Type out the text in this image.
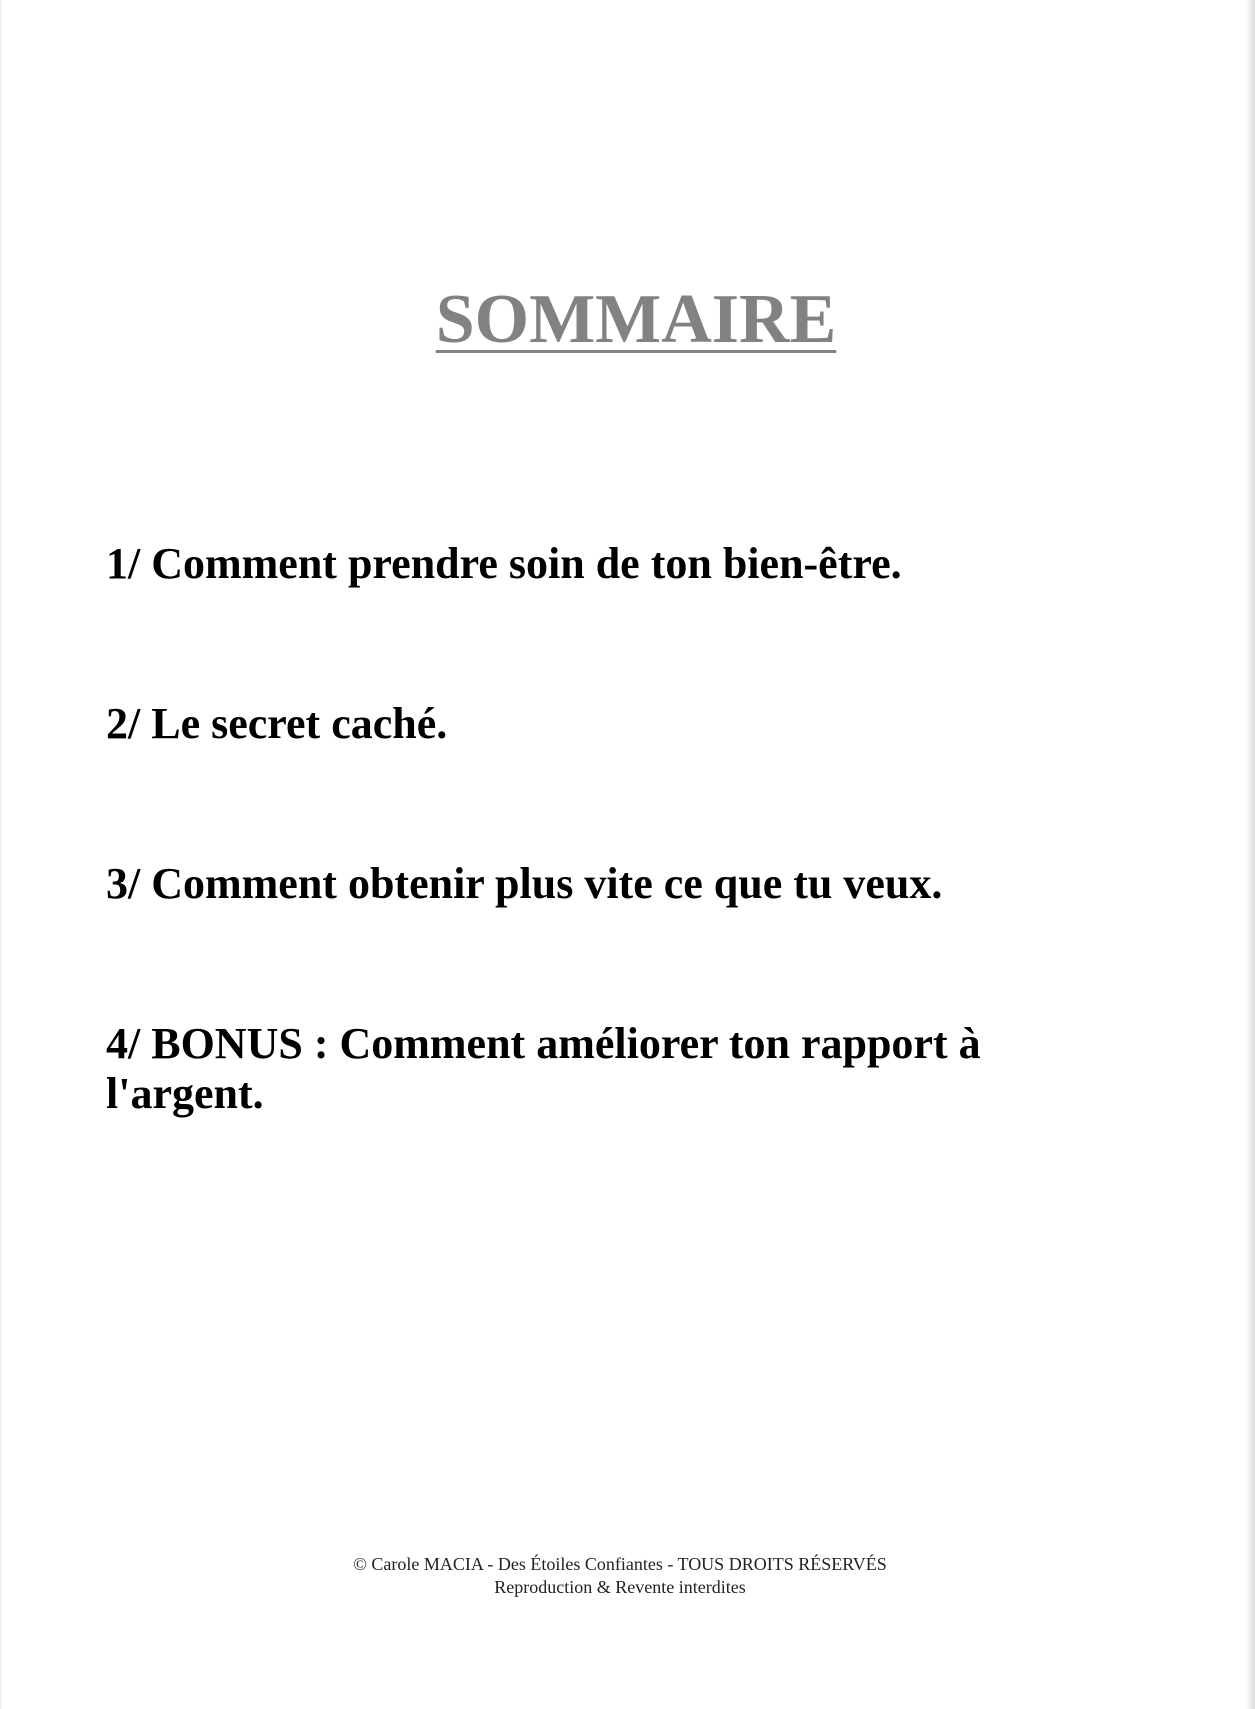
SOMMAIRE
1/ Comment prendre soin de ton bien-être.
2/ Le secret caché.
3/ Comment obtenir plus vite ce que tu veux.
4/ BONUS : Comment améliorer ton rapport à l'argent.
© Carole MACIA - Des Étoiles Confiantes - TOUS DROITS RÉSERVÉS
Reproduction & Revente interdites
